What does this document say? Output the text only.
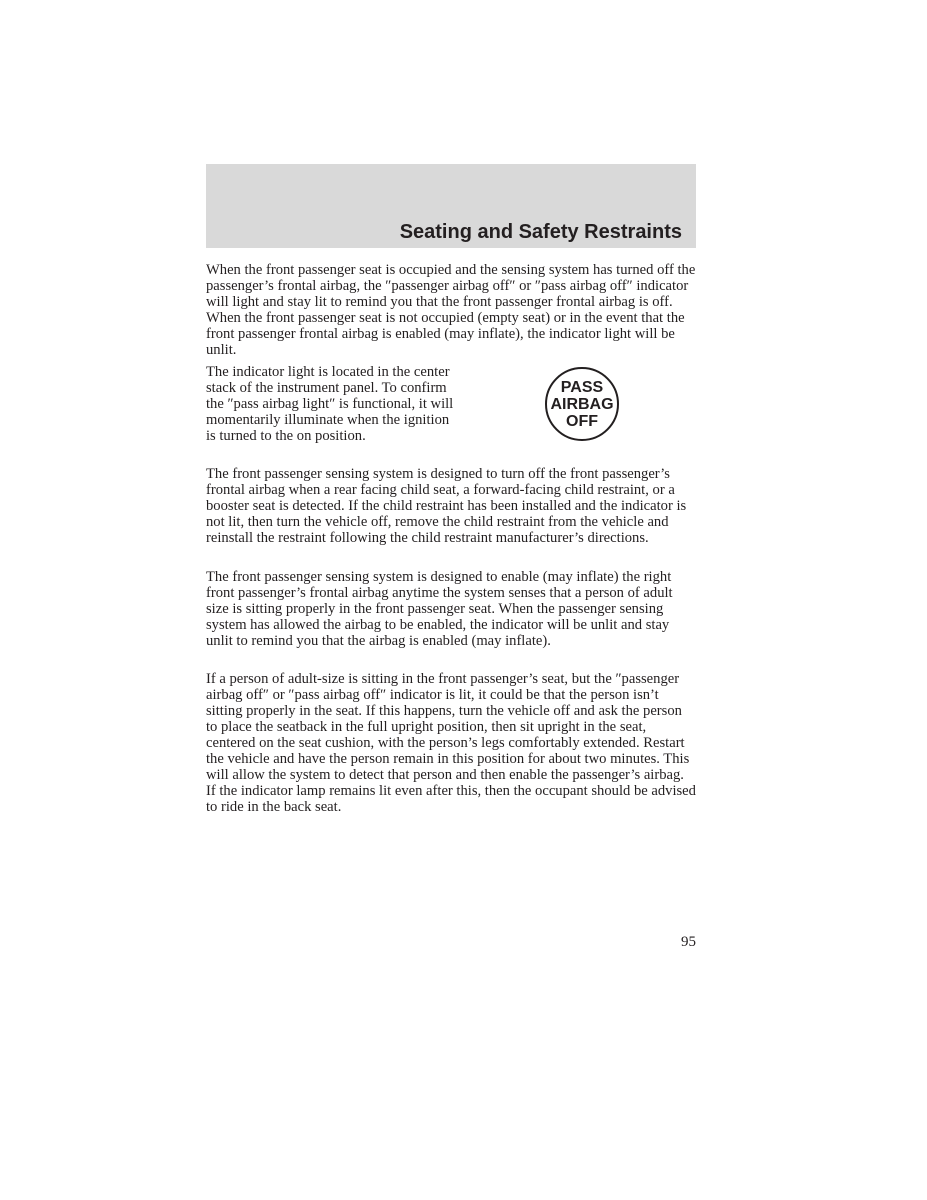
Seating and Safety Restraints

When the front passenger seat is occupied and the sensing system has turned off the passenger’s frontal airbag, the ″passenger airbag off″ or ″pass airbag off″ indicator will light and stay lit to remind you that the front passenger frontal airbag is off. When the front passenger seat is not occupied (empty seat) or in the event that the front passenger frontal airbag is enabled (may inflate), the indicator light will be unlit.

The indicator light is located in the center stack of the instrument panel. To confirm the ″pass airbag light″ is functional, it will momentarily illuminate when the ignition is turned to the on position.

PASS
AIRBAG
OFF

The front passenger sensing system is designed to turn off the front passenger’s frontal airbag when a rear facing child seat, a forward-facing child restraint, or a booster seat is detected. If the child restraint has been installed and the indicator is not lit, then turn the vehicle off, remove the child restraint from the vehicle and reinstall the restraint following the child restraint manufacturer’s directions.

The front passenger sensing system is designed to enable (may inflate) the right front passenger’s frontal airbag anytime the system senses that a person of adult size is sitting properly in the front passenger seat. When the passenger sensing system has allowed the airbag to be enabled, the indicator will be unlit and stay unlit to remind you that the airbag is enabled (may inflate).

If a person of adult-size is sitting in the front passenger’s seat, but the ″passenger airbag off″ or ″pass airbag off″ indicator is lit, it could be that the person isn’t sitting properly in the seat. If this happens, turn the vehicle off and ask the person to place the seatback in the full upright position, then sit upright in the seat, centered on the seat cushion, with the person’s legs comfortably extended. Restart the vehicle and have the person remain in this position for about two minutes. This will allow the system to detect that person and then enable the passenger’s airbag. If the indicator lamp remains lit even after this, then the occupant should be advised to ride in the back seat.

95
